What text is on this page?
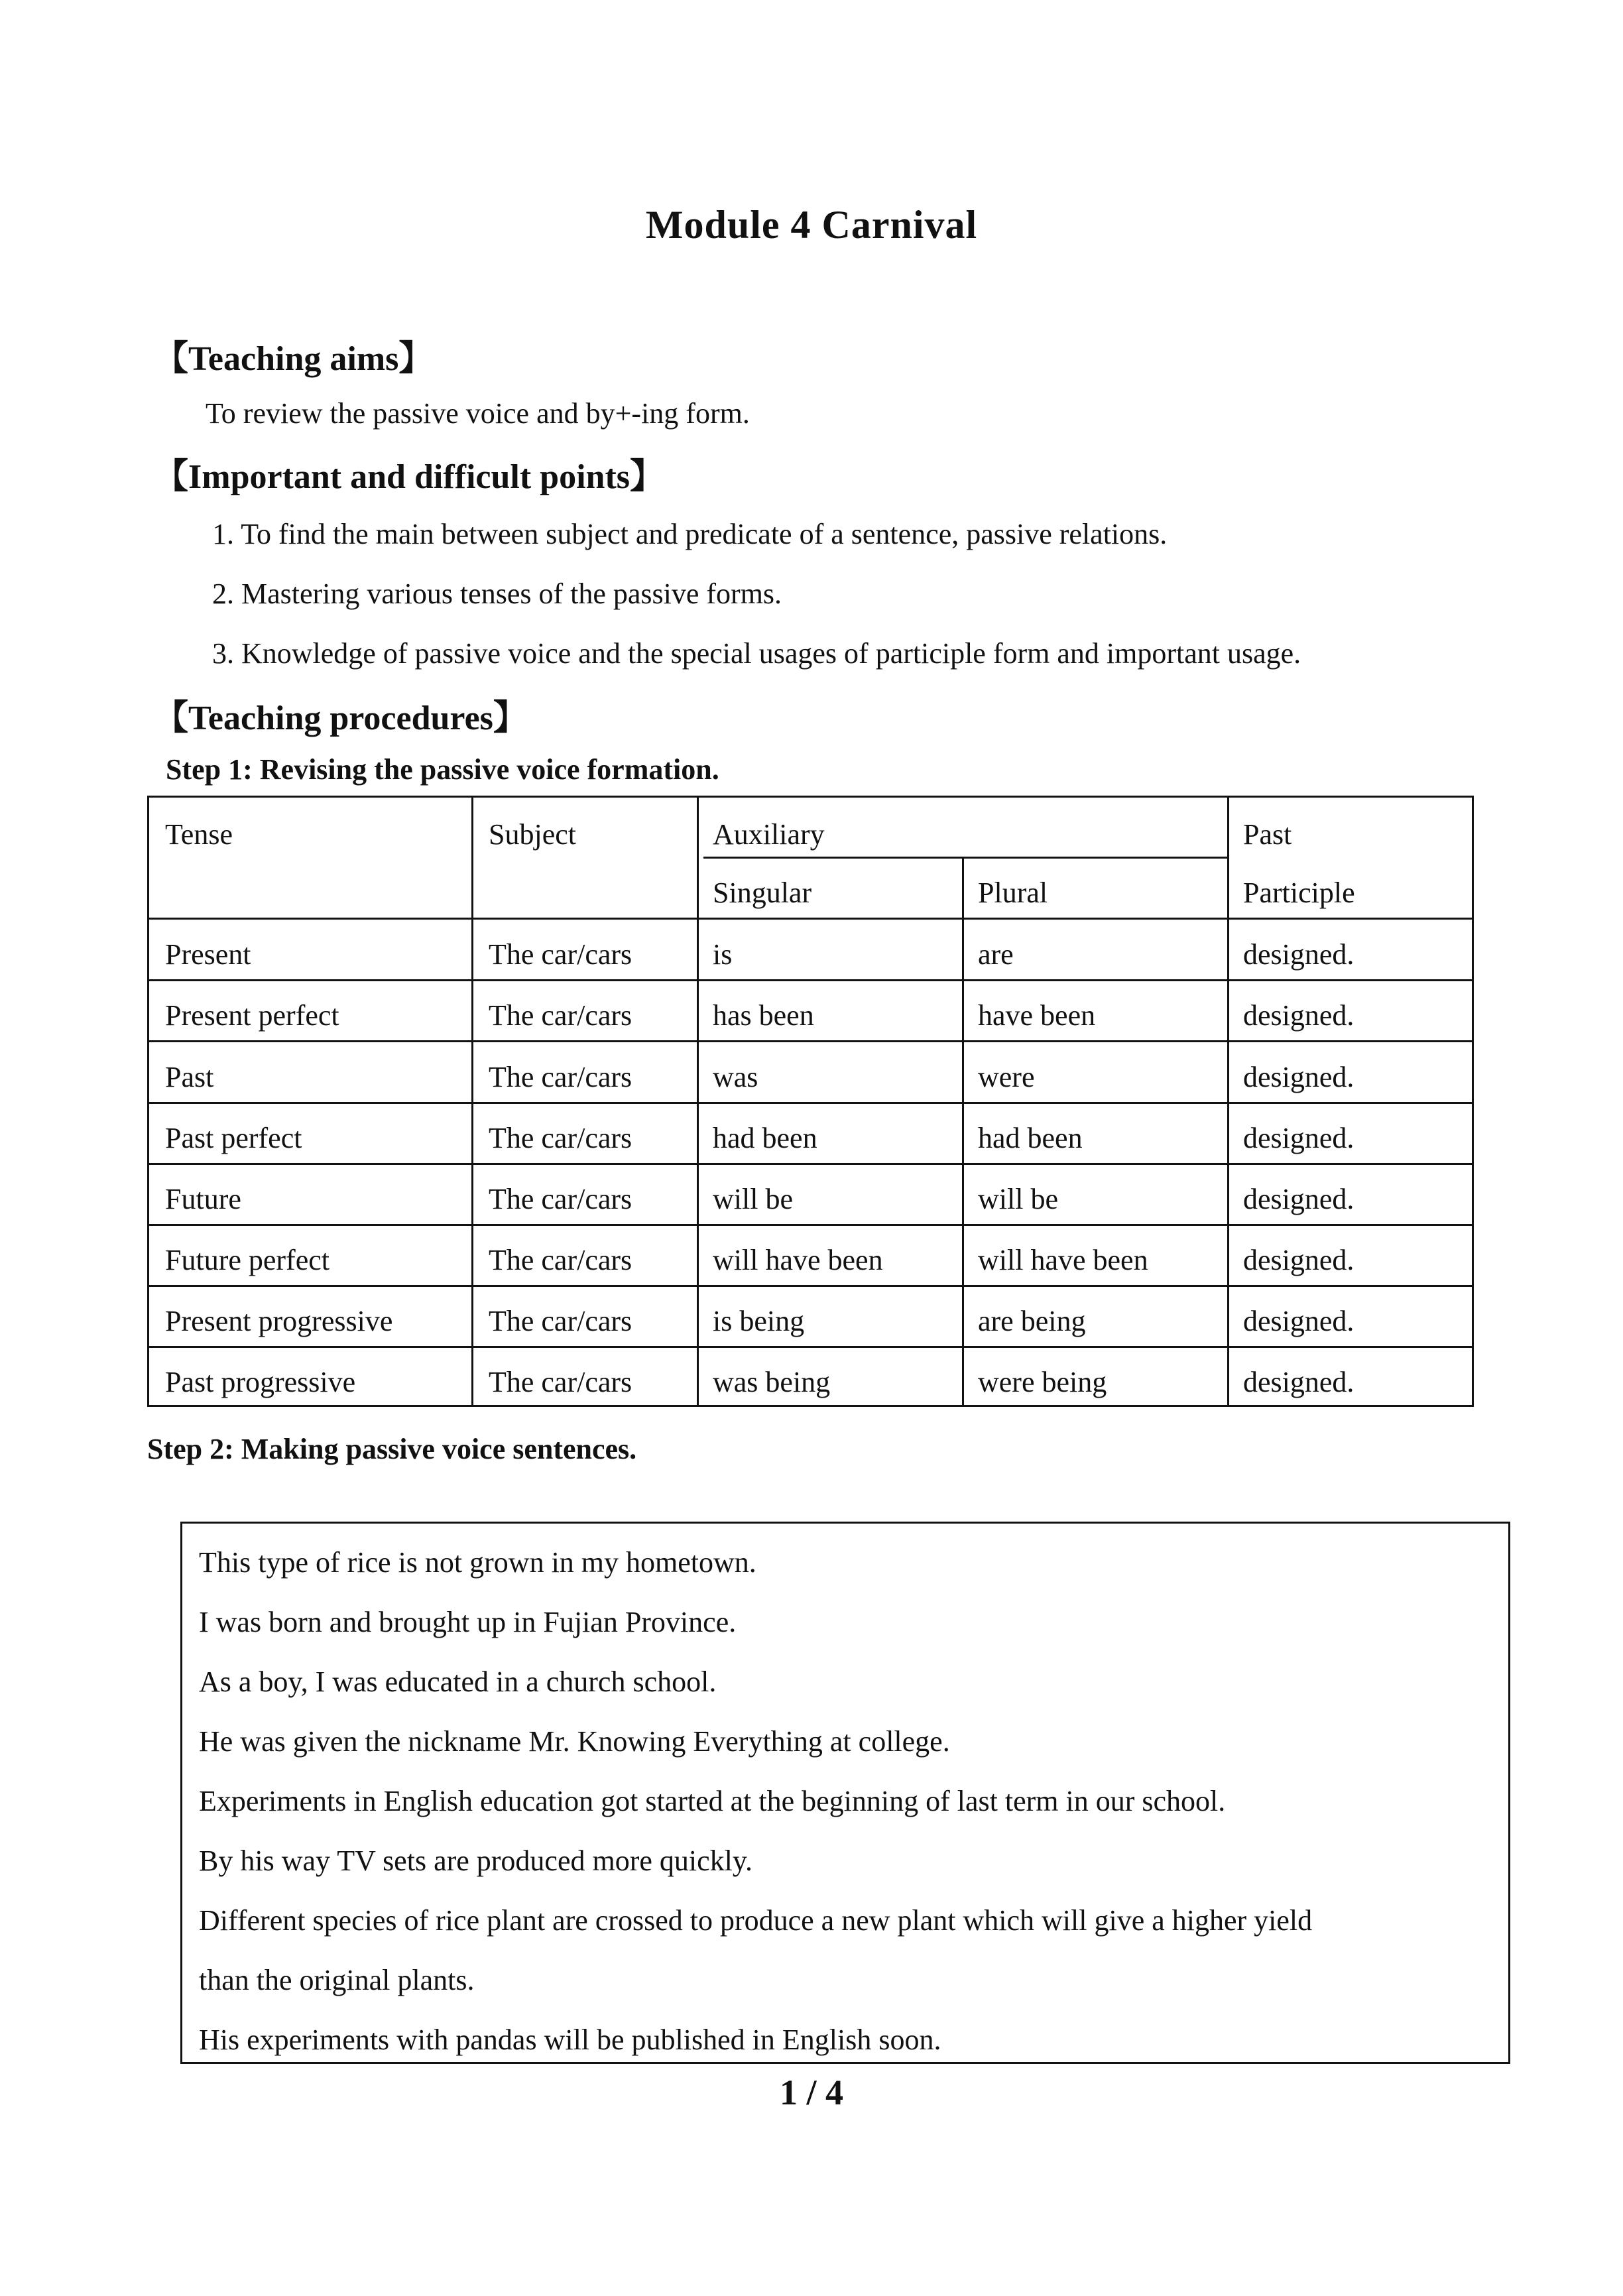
Module 4 Carnival
【Teaching aims】
To review the passive voice and by+-ing form.
【Important and difficult points】
1. To find the main between subject and predicate of a sentence, passive relations.
2. Mastering various tenses of the passive forms.
3. Knowledge of passive voice and the special usages of participle form and important usage.
【Teaching procedures】
Step 1: Revising the passive voice formation.
Tense	Subject	Auxiliary	Past
Singular	Plural	Participle
Present	The car/cars	is	are	designed.
Present perfect	The car/cars	has been	have been	designed.
Past	The car/cars	was	were	designed.
Past perfect	The car/cars	had been	had been	designed.
Future	The car/cars	will be	will be	designed.
Future perfect	The car/cars	will have been	will have been	designed.
Present progressive	The car/cars	is being	are being	designed.
Past progressive	The car/cars	was being	were being	designed.
Step 2: Making passive voice sentences.
This type of rice is not grown in my hometown.
I was born and brought up in Fujian Province.
As a boy, I was educated in a church school.
He was given the nickname Mr. Knowing Everything at college.
Experiments in English education got started at the beginning of last term in our school.
By his way TV sets are produced more quickly.
Different species of rice plant are crossed to produce a new plant which will give a higher yield
than the original plants.
His experiments with pandas will be published in English soon.
1 / 4
